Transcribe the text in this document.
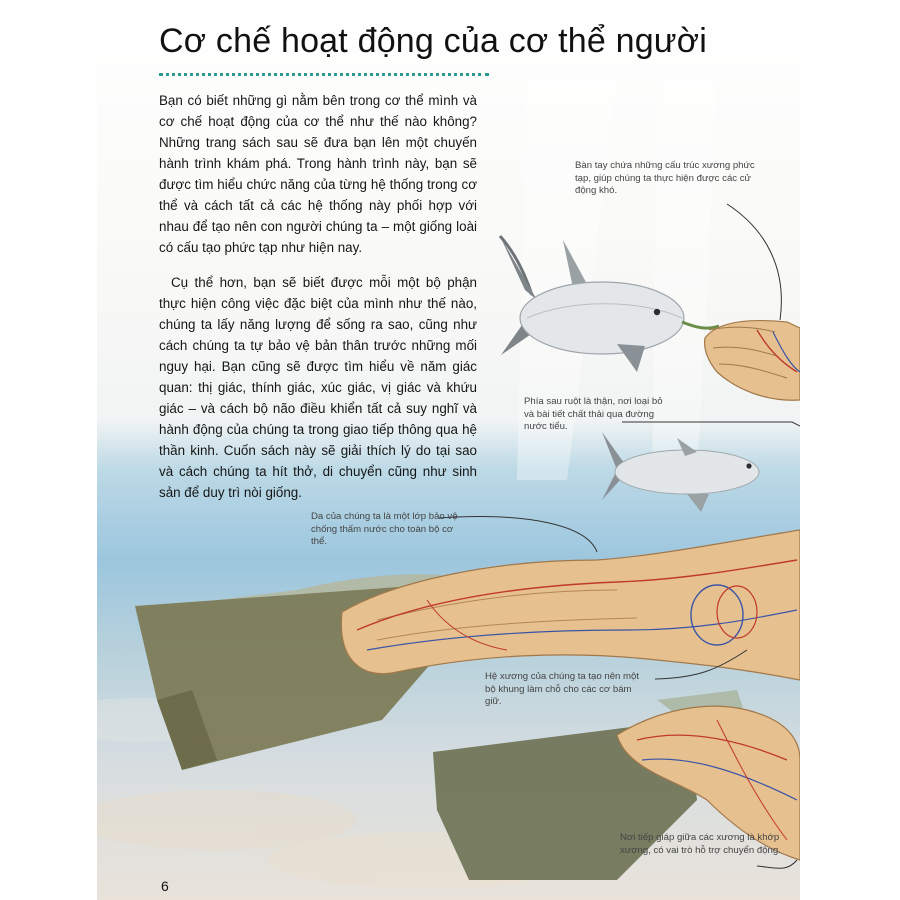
Cơ chế hoạt động của cơ thể người

Bạn có biết những gì nằm bên trong cơ thể mình và cơ chế hoạt động của cơ thể như thế nào không? Những trang sách sau sẽ đưa bạn lên một chuyến hành trình khám phá. Trong hành trình này, bạn sẽ được tìm hiểu chức năng của từng hệ thống trong cơ thể và cách tất cả các hệ thống này phối hợp với nhau để tạo nên con người chúng ta – một giống loài có cấu tạo phức tạp như hiện nay.

Cụ thể hơn, bạn sẽ biết được mỗi một bộ phận thực hiện công việc đặc biệt của mình như thế nào, chúng ta lấy năng lượng để sống ra sao, cũng như cách chúng ta tự bảo vệ bản thân trước những mối nguy hại. Bạn cũng sẽ được tìm hiểu về năm giác quan: thị giác, thính giác, xúc giác, vị giác và khứu giác – và cách bộ não điều khiển tất cả suy nghĩ và hành động của chúng ta trong giao tiếp thông qua hệ thần kinh. Cuốn sách này sẽ giải thích lý do tại sao và cách chúng ta hít thở, di chuyển cũng như sinh sản để duy trì nòi giống.

Bàn tay chứa những cấu trúc xương phức tạp, giúp chúng ta thực hiện được các cử động khó.

Phía sau ruột là thận, nơi loại bỏ và bài tiết chất thải qua đường nước tiểu.

Da của chúng ta là một lớp bảo vệ chống thấm nước cho toàn bộ cơ thể.

Hệ xương của chúng ta tạo nên một bộ khung làm chỗ cho các cơ bám giữ.

Nơi tiếp giáp giữa các xương là khớp xương, có vai trò hỗ trợ chuyển động.

6
